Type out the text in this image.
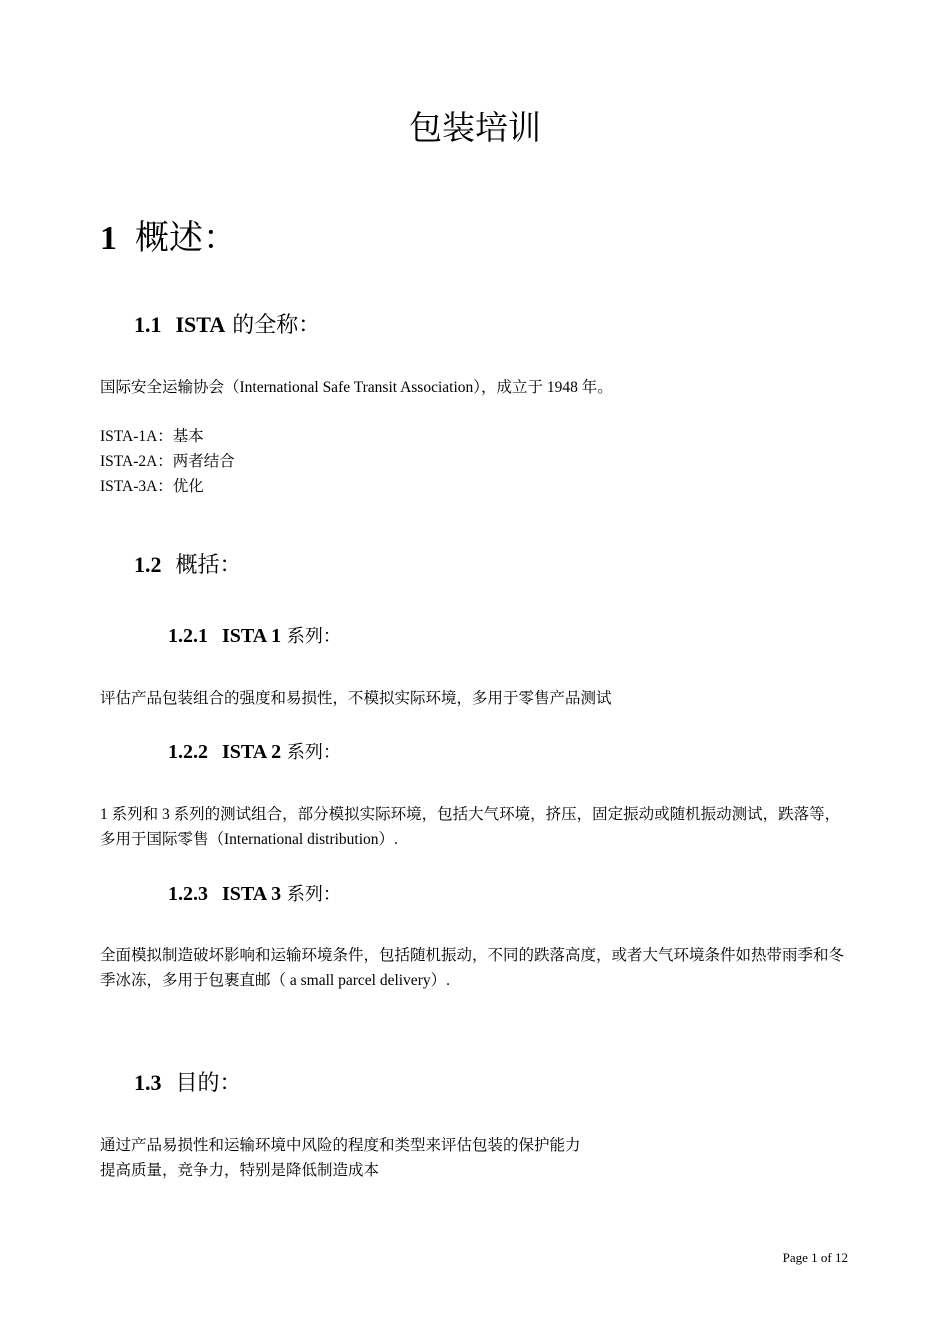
包装培训
1 概述：
1.1 ISTA 的全称：
国际安全运输协会（International Safe Transit Association），成立于 1948 年。
ISTA-1A：基本
ISTA-2A：两者结合
ISTA-3A：优化
1.2 概括：
1.2.1 ISTA 1 系列：
评估产品包装组合的强度和易损性，不模拟实际环境，多用于零售产品测试
1.2.2 ISTA 2 系列：
1 系列和 3 系列的测试组合，部分模拟实际环境，包括大气环境，挤压，固定振动或随机振动测试，跌落等，多用于国际零售（International distribution）.
1.2.3 ISTA 3 系列：
全面模拟制造破坏影响和运输环境条件，包括随机振动，不同的跌落高度，或者大气环境条件如热带雨季和冬季冰冻，多用于包裹直邮（ a small parcel delivery）.
1.3 目的：
通过产品易损性和运输环境中风险的程度和类型来评估包装的保护能力
提高质量，竞争力，特别是降低制造成本
Page 1 of 12
